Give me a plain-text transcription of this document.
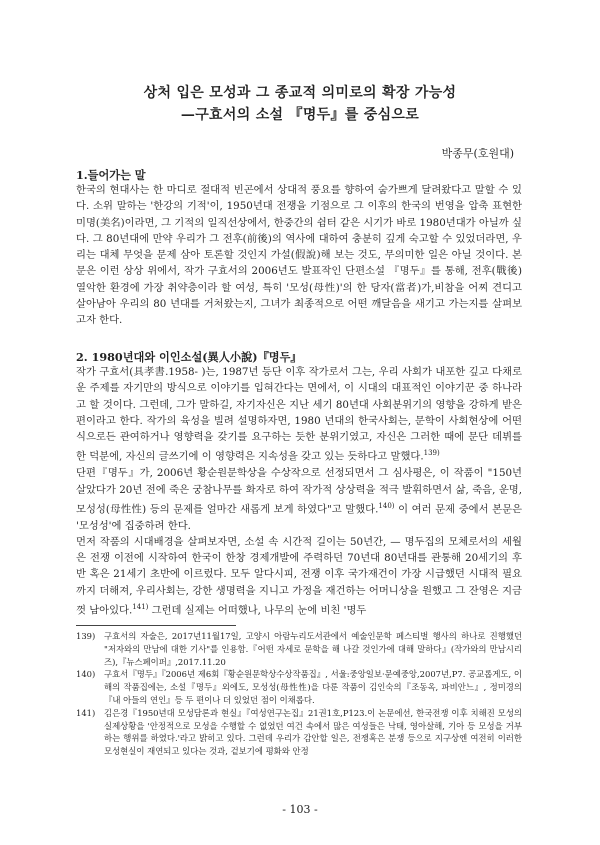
상처 입은 모성과 그 종교적 의미로의 확장 가능성
—구효서의 소설 『명두』를 중심으로
박종무(호원대)
1.들어가는 말

한국의 현대사는 한 마디로 절대적 빈곤에서 상대적 풍요를 향하여 숨가쁘게 달려왔다고 말할 수 있다. 소위 말하는 '한강의 기적'이, 1950년대 전쟁을 기점으로 그 이후의 한국의 번영을 압축 표현한 미명(美名)이라면, 그 기적의 일직선상에서, 한중간의 쉼터 같은 시기가 바로 1980년대가 아닐까 싶다. 그 80년대에 만약 우리가 그 전후(前後)의 역사에 대하여 충분히 깊게 숙고할 수 있었더라면, 우리는 대체 무엇을 문제 삼아 토론할 것인지 가설(假說)해 보는 것도, 무의미한 일은 아닐 것이다. 본문은 이런 상상 위에서, 작가 구효서의 2006년도 발표작인 단편소설 『명두』를 통해, 전후(戰後) 열악한 환경에 가장 취약층이라 할 여성, 특히 '모성(母性)'의 한 당자(當者)가,비참을 어찌 견디고 살아남아 우리의 80 년대를 거처왔는지, 그녀가 최종적으로 어떤 깨달음을 새기고 가는지를 살펴보고자 한다.

2. 1980년대와 이인소설(異人小說)『명두』

작가 구효서(具孝書.1958- )는, 1987년 등단 이후 작가로서 그는, 우리 사회가 내포한 깊고 다채로운 주제를 자기만의 방식으로 이야기를 입혀간다는 면에서, 이 시대의 대표적인 이야기꾼 중 하나라고 할 것이다. 그런데, 그가 말하길, 자기자신은 지난 세기 80년대 사회분위기의 영향을 강하게 받은 편이라고 한다. 작가의 육성을 빌려 설명하자면, 1980 년대의 한국사회는, 문학이 사회현상에 어떤 식으로든 관여하거나 영향력을 갖기를 요구하는 듯한 분위기였고, 자신은 그러한 때에 문단 데뷔를 한 덕분에, 자신의 글쓰기에 이 영향력은 지속성을 갖고 있는 듯하다고 말했다.$^{139)}$

단편『명두』가, 2006년 황순원문학상을 수상작으로 선정되면서 그 심사평은, 이 작품이 "150년 살았다가 20년 전에 죽은 궁참나무를 화자로 하여 작가적 상상력을 적극 발휘하면서 삶, 죽음, 운명, 모성성(母性性) 등의 문제를 얼마간 새롭게 보게 하였다"고 말했다.$^{140)}$ 이 여러 문제 중에서 본문은 '모성성'에 집중하려 한다.

먼저 작품의 시대배경을 살펴보자면, 소설 속 시간적 길이는 50년간, — 명두집의 모체로서의 세월은 전쟁 이전에 시작하여 한국이 한창 경제개발에 주력하던 70년대 80년대를 관통해 20세기의 후반 혹은 21세기 초반에 이르렀다. 모두 알다시피, 전쟁 이후 국가재건이 가장 시급했던 시대적 필요까지 더해져, 우리사회는, 강한 생명력을 지니고 가정을 재건하는 어머니상을 원했고 그 잔영은 지금껏 남아있다.$^{141)}$ 그런데 실제는 어떠했나, 나무의 눈에 비친 '명두

139)	구효서의 자술은, 2017년11월17일, 고양시 아람누리도서관에서 예술인문학 페스티벌 행사의 하나로 진행했던 "저자와의 만남에 대한 기사"를 인용함.『어떤 자세로 문학을 해 나갈 것인가에 대해 말하다』(작가와의 만남시리즈),『뉴스페이퍼』,2017.11.20
140)	구효서『명두』『2006년 제6회『황순원문학상수상작품집』, 서울:중앙일보·문예중앙,2007년,P7. 공교롭게도, 이 해의 작품집에는, 소설『명두』외에도, 모성성(母性性)을 다룬 작품이 김인숙의『조동옥, 파비안느』, 정미경의『내 아들의 연인』등 두 편이나 더 있었던 점이 이채롭다.
141)	김은경『1950년대 모성담론과 현실』『여성연구논집』21권1호,P123.이 논문에선, 한국전쟁 이후 치해진 모성의 실제상황을 '안정적으로 모성을 수행할 수 없었던 여건 속에서 많은 여성들은 낙태, 영아살해, 기아 등 모성을 거부하는 행위를 하였다.'라고 밝히고 있다. 그런데 우리가 감안할 일은, 전쟁혹은 분쟁 등으로 지구상엔 여전히 이러한 모성현실이 재연되고 있다는 것과, 겉보기에 평화와 안정
- 103 -
